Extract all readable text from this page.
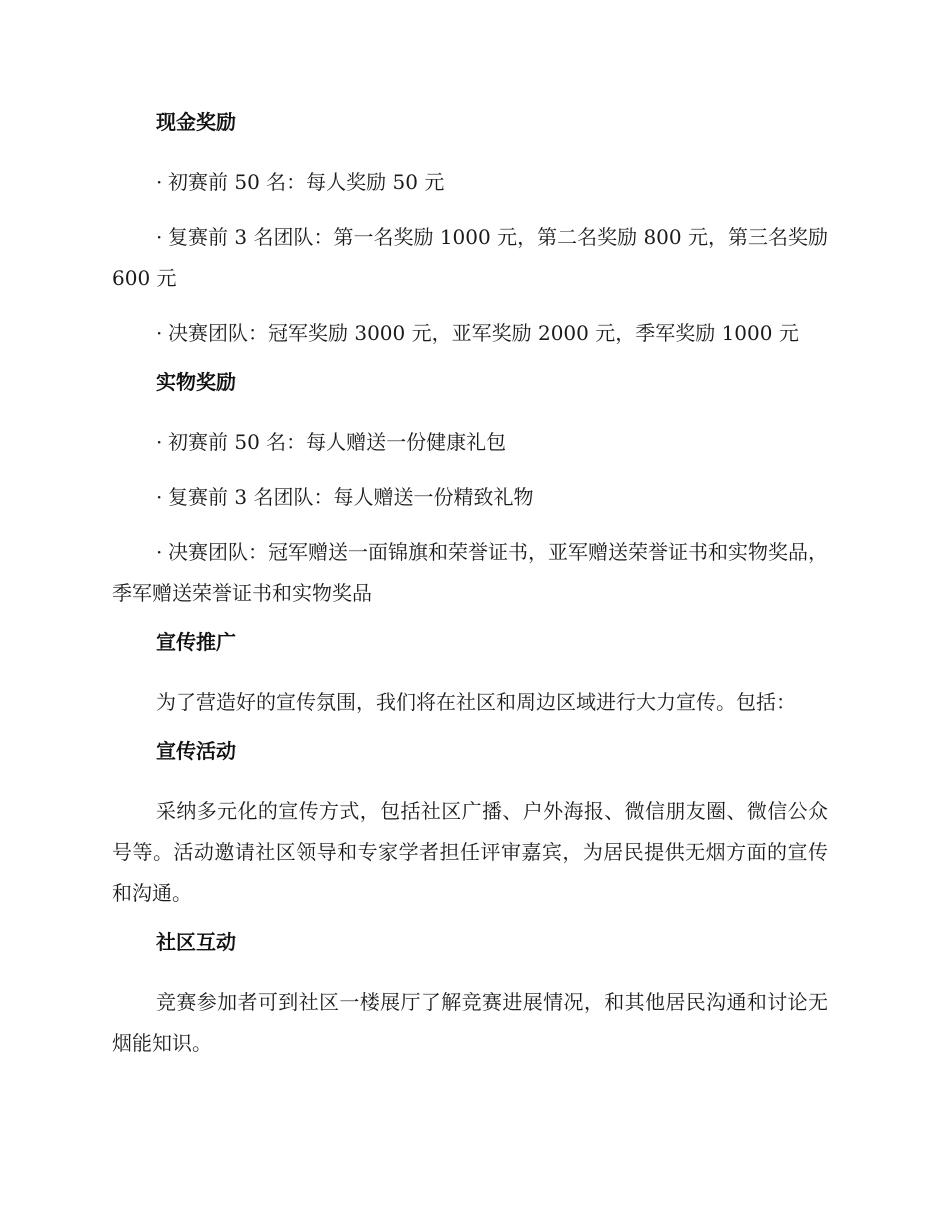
现金奖励

· 初赛前 50 名：每人奖励 50 元

· 复赛前 3 名团队：第一名奖励 1000 元，第二名奖励 800 元，第三名奖励 600 元

· 决赛团队：冠军奖励 3000 元，亚军奖励 2000 元，季军奖励 1000 元

实物奖励

· 初赛前 50 名：每人赠送一份健康礼包

· 复赛前 3 名团队：每人赠送一份精致礼物

· 决赛团队：冠军赠送一面锦旗和荣誉证书，亚军赠送荣誉证书和实物奖品，季军赠送荣誉证书和实物奖品

宣传推广

为了营造好的宣传氛围，我们将在社区和周边区域进行大力宣传。包括：

宣传活动

采纳多元化的宣传方式，包括社区广播、户外海报、微信朋友圈、微信公众号等。活动邀请社区领导和专家学者担任评审嘉宾，为居民提供无烟方面的宣传和沟通。

社区互动

竞赛参加者可到社区一楼展厅了解竞赛进展情况，和其他居民沟通和讨论无烟能知识。
